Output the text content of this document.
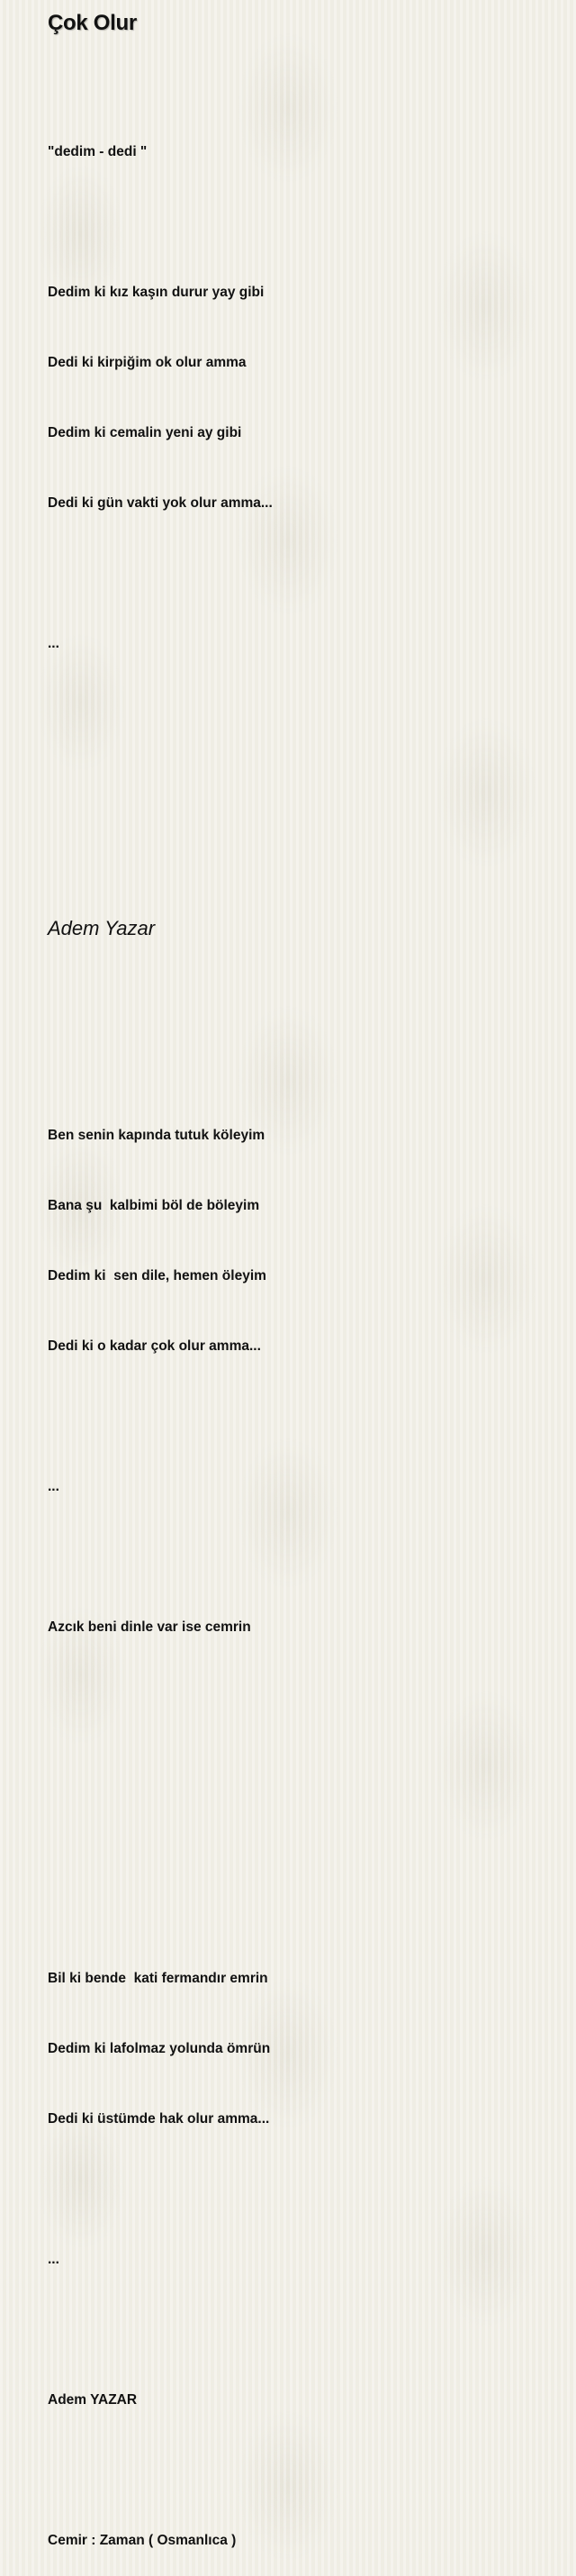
Çok Olur

"dedim - dedi "

Dedim ki kız kaşın durur yay gibi

Dedi ki kirpiğim ok olur amma

Dedim ki cemalin yeni ay gibi

Dedi ki gün vakti yok olur amma...

...

Ben senin kapında tutuk köleyim

Bana şu  kalbimi böl de böleyim

Dedim ki  sen dile, hemen öleyim

Dedi ki o kadar çok olur amma...

...

Azcık beni dinle var ise cemrin

Bil ki bende  kati fermandır emrin

Dedim ki lafolmaz yolunda ömrün

Dedi ki üstümde hak olur amma...

...

Adem YAZAR

Cemir : Zaman ( Osmanlıca )

Adem Yazar
